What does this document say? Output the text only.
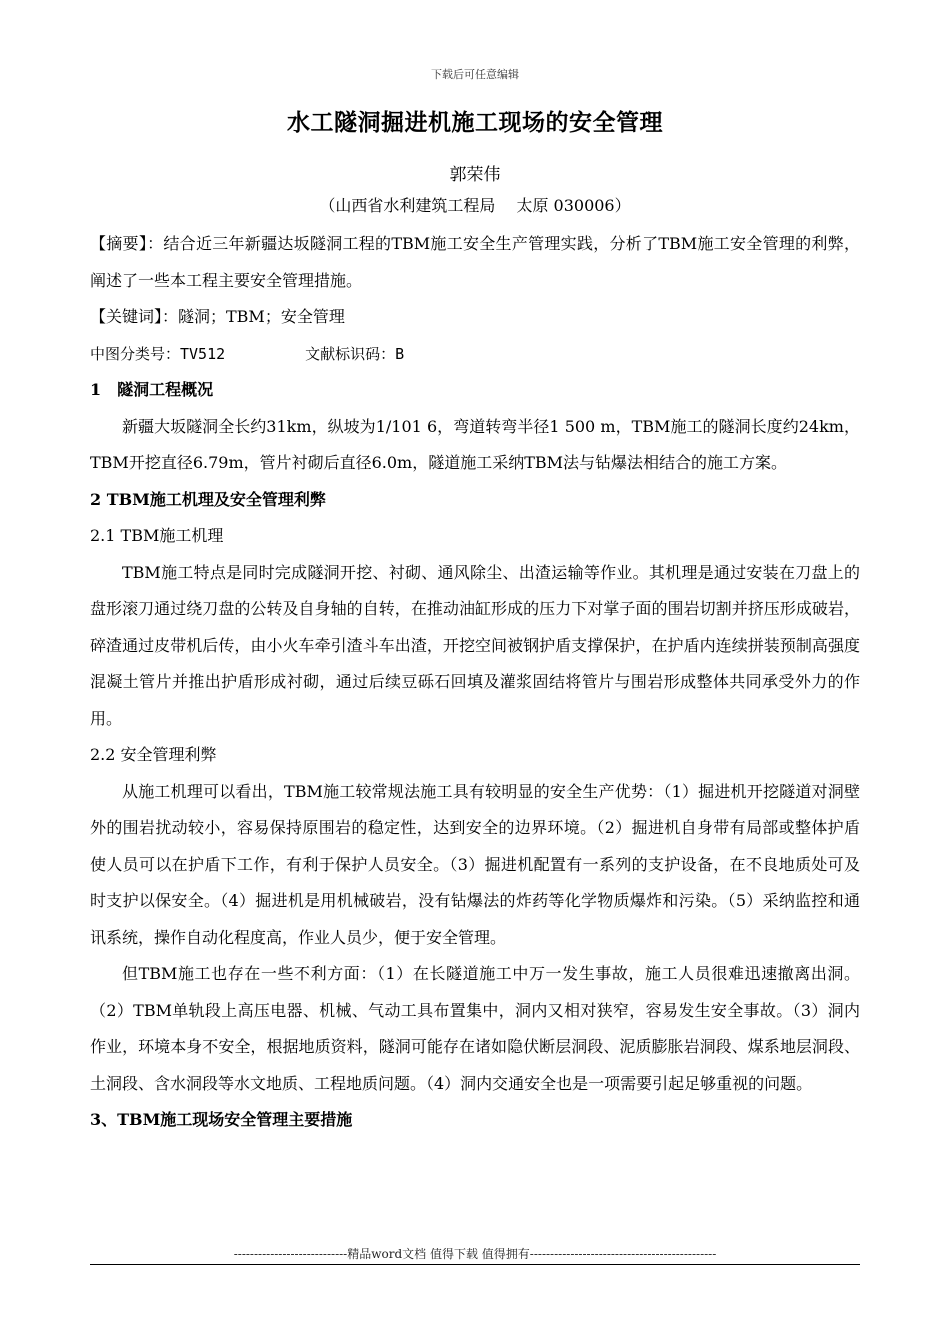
下载后可任意编辑
水工隧洞掘进机施工现场的安全管理
郭荣伟
（山西省水利建筑工程局　 太原 030006）

【摘要】：结合近三年新疆达坂隧洞工程的TBM施工安全生产管理实践，分析了TBM施工安全管理的利弊，阐述了一些本工程主要安全管理措施。

【关键词】：隧洞；TBM；安全管理

中图分类号：TV512	文献标识码：B

1　隧洞工程概况

新疆大坂隧洞全长约31km，纵坡为1/101 6，弯道转弯半径1 500 m，TBM施工的隧洞长度约24km，TBM开挖直径6.79m，管片衬砌后直径6.0m，隧道施工采纳TBM法与钻爆法相结合的施工方案。

2 TBM施工机理及安全管理利弊

2.1 TBM施工机理

TBM施工特点是同时完成隧洞开挖、衬砌、通风除尘、出渣运输等作业。其机理是通过安装在刀盘上的盘形滚刀通过绕刀盘的公转及自身轴的自转，在推动油缸形成的压力下对掌子面的围岩切割并挤压形成破岩，碎渣通过皮带机后传，由小火车牵引渣斗车出渣，开挖空间被钢护盾支撑保护，在护盾内连续拼装预制高强度混凝土管片并推出护盾形成衬砌，通过后续豆砾石回填及灌浆固结将管片与围岩形成整体共同承受外力的作用。

2.2 安全管理利弊

从施工机理可以看出，TBM施工较常规法施工具有较明显的安全生产优势：（1）掘进机开挖隧道对洞壁外的围岩扰动较小，容易保持原围岩的稳定性，达到安全的边界环境。（2）掘进机自身带有局部或整体护盾使人员可以在护盾下工作，有利于保护人员安全。（3）掘进机配置有一系列的支护设备，在不良地质处可及时支护以保安全。（4）掘进机是用机械破岩，没有钻爆法的炸药等化学物质爆炸和污染。（5）采纳监控和通讯系统，操作自动化程度高，作业人员少，便于安全管理。

但TBM施工也存在一些不利方面：（1）在长隧道施工中万一发生事故，施工人员很难迅速撤离出洞。（2）TBM单轨段上高压电器、机械、气动工具布置集中，洞内又相对狭窄，容易发生安全事故。（3）洞内作业，环境本身不安全，根据地质资料，隧洞可能存在诸如隐伏断层洞段、泥质膨胀岩洞段、煤系地层洞段、土洞段、含水洞段等水文地质、工程地质问题。（4）洞内交通安全也是一项需要引起足够重视的问题。

3、TBM施工现场安全管理主要措施

----------------------------精品word文档 值得下载 值得拥有----------------------------------------------
